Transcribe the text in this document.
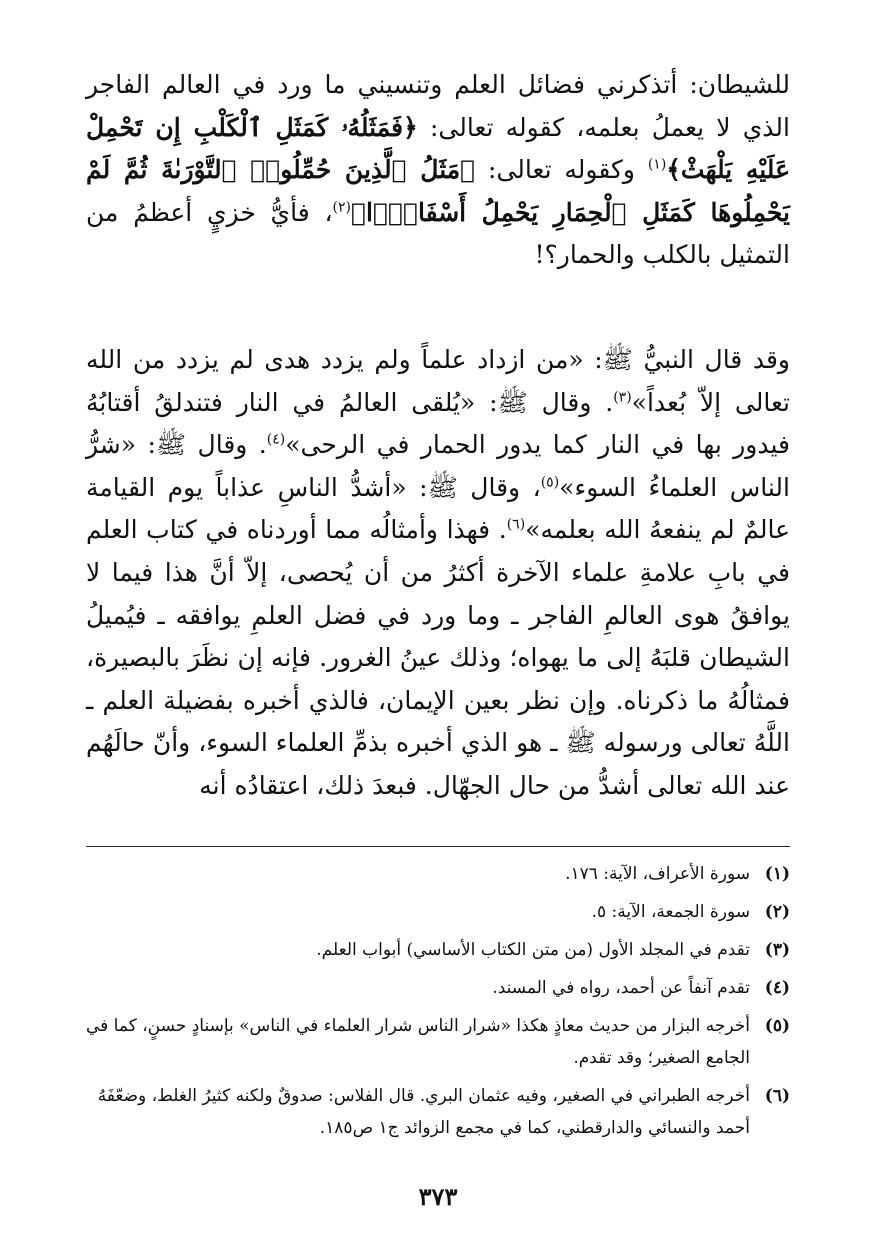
للشيطان: أتذكرني فضائل العلم وتنسيني ما ورد في العالم الفاجر الذي لا يعملُ بعلمه، كقوله تعالى: ﴿فَمَثَلُهُۥ كَمَثَلِ ٱلْكَلْبِ إِن تَحْمِلْ عَلَيْهِ يَلْهَثْ﴾$^{(١)}$ وكقوله تعالى: ﴿مَثَلُ ٱلَّذِينَ حُمِّلُوا۟ ٱلتَّوْرَىٰةَ ثُمَّ لَمْ يَحْمِلُوهَا كَمَثَلِ ٱلْحِمَارِ يَحْمِلُ أَسْفَارًۢا﴾$^{(٢)}$، فأيُّ خزيٍ أعظمُ من التمثيل بالكلب والحمار؟!

وقد قال النبيُّ ﷺ: «من ازداد علماً ولم يزدد هدى لم يزدد من الله تعالى إلاّ بُعداً»$^{(٣)}$. وقال ﷺ: «يُلقى العالمُ في النار فتندلقُ أقتابُهُ فيدور بها في النار كما يدور الحمار في الرحى»$^{(٤)}$. وقال ﷺ: «شرُّ الناس العلماءُ السوء»$^{(٥)}$، وقال ﷺ: «أشدُّ الناسِ عذاباً يوم القيامة عالمٌ لم ينفعهُ الله بعلمه»$^{(٦)}$. فهذا وأمثالُه مما أوردناه في كتاب العلم في بابِ علامةِ علماء الآخرة أكثرُ من أن يُحصى، إلاّ أنَّ هذا فيما لا يوافقُ هوى العالمِ الفاجر ـ وما ورد في فضل العلمِ يوافقه ـ فيُميلُ الشيطان قلبَهُ إلى ما يهواه؛ وذلك عينُ الغرور. فإنه إن نظَرَ بالبصيرة، فمثالُهُ ما ذكرناه. وإن نظر بعين الإيمان، فالذي أخبره بفضيلة العلم ـ اللَّهُ تعالى ورسوله ﷺ ـ هو الذي أخبره بذمِّ العلماء السوء، وأنّ حالَهُم عند الله تعالى أشدُّ من حال الجهّال. فبعدَ ذلك، اعتقادُه أنه

(١)
سورة الأعراف، الآية: ١٧٦.
(٢)
سورة الجمعة، الآية: ٥.
(٣)
تقدم في المجلد الأول (من متن الكتاب الأساسي) أبواب العلم.
(٤)
تقدم آنفاً عن أحمد، رواه في المسند.
(٥)
أخرجه البزار من حديث معاذٍ هكذا «شرار الناس شرار العلماء في الناس» بإسنادٍ حسنٍ، كما في الجامع الصغير؛ وقد تقدم.
(٦)
أخرجه الطبراني في الصغير، وفيه عثمان البري. قال الفلاس: صدوقٌ ولكنه كثيرُ الغلط، وضعّفَهُ أحمد والنسائي والدارقطني، كما في مجمع الزوائد ج١ ص١٨٥.
٣٧٣
